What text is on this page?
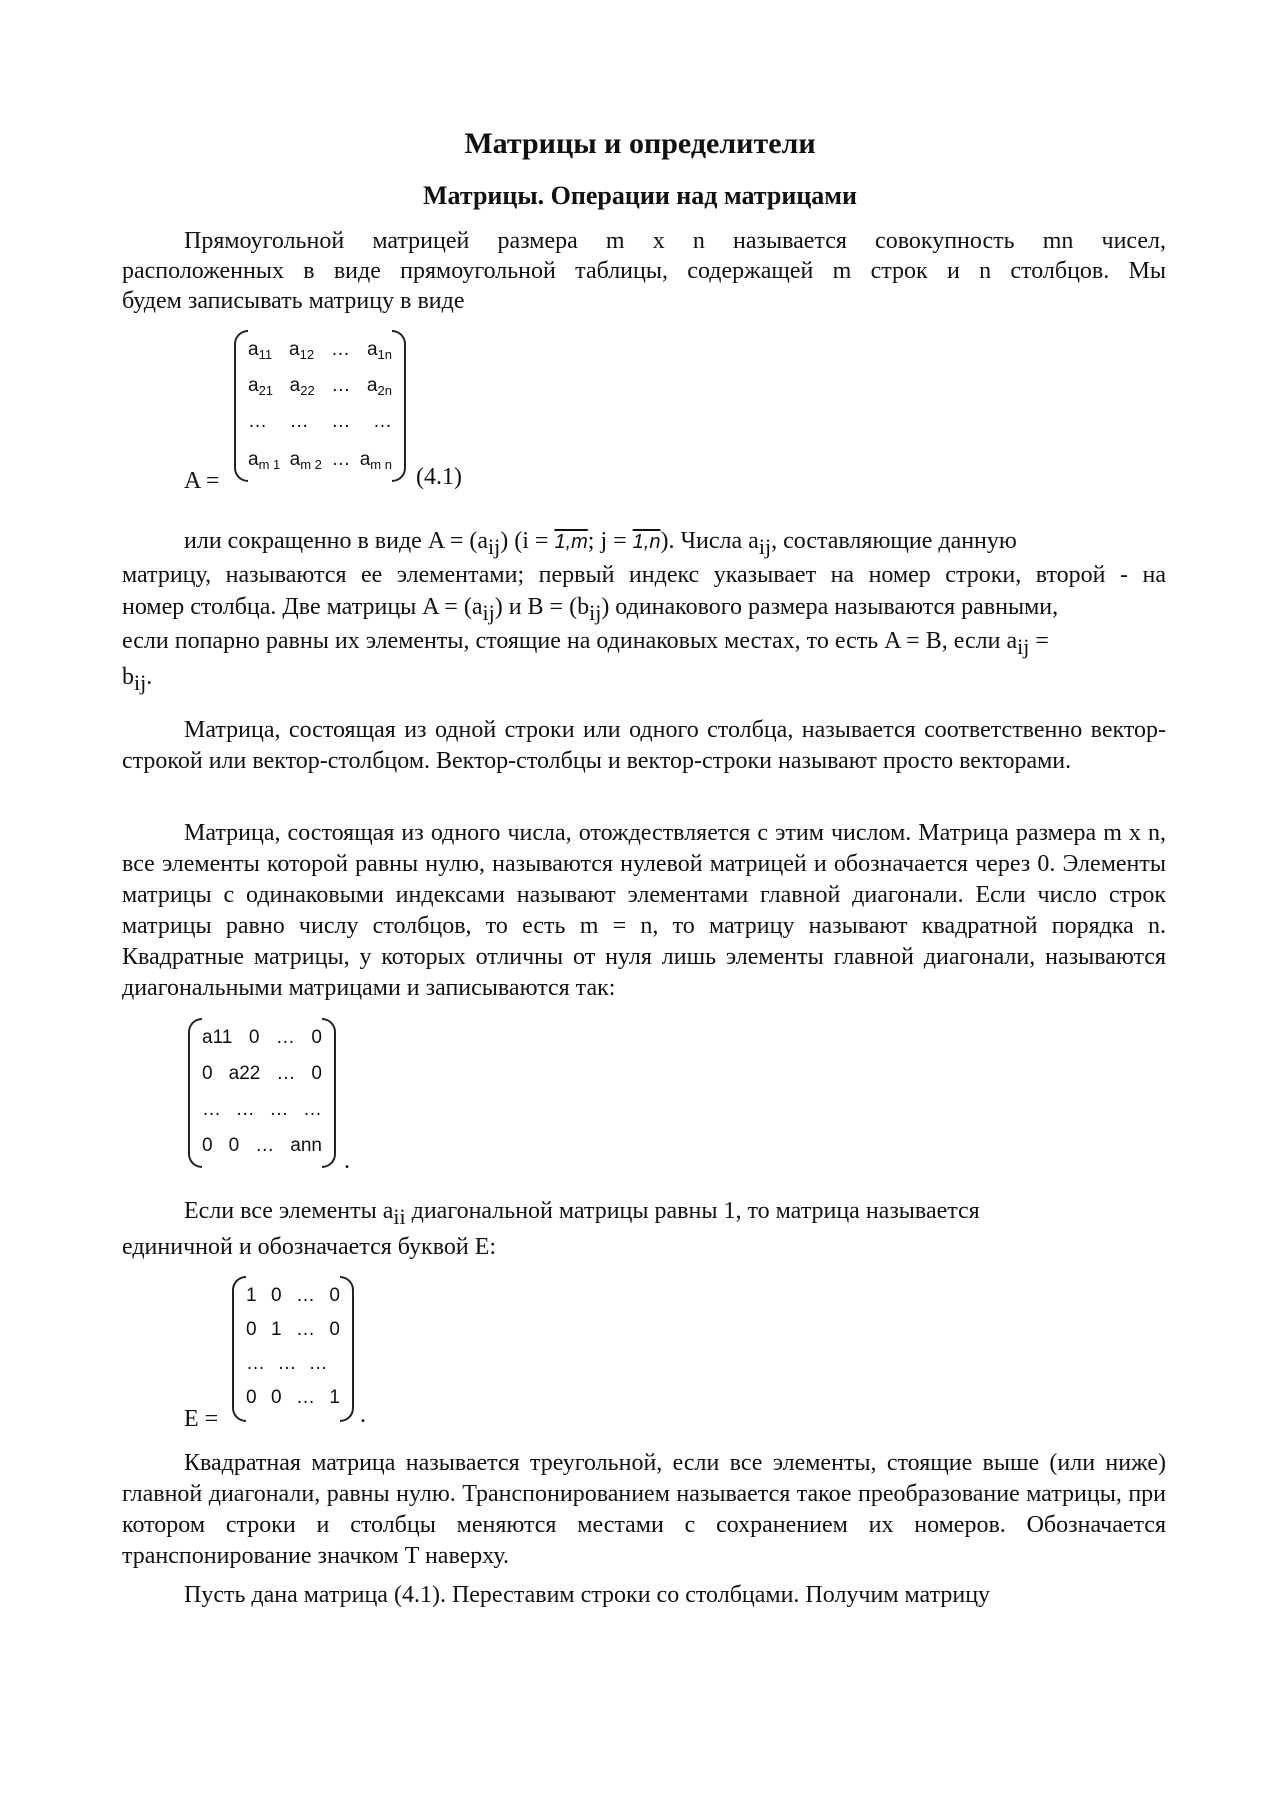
Матрицы и определители
Матрицы. Операции над матрицами
Прямоугольной матрицей размера m x n называется совокупность mn чисел,
расположенных в виде прямоугольной таблицы, содержащей m строк и n столбцов. Мы
будем записывать матрицу в виде
A =
$a_{11}$ $a_{12}$ … $a_{1n}$
$a_{21}$ $a_{22}$ … $a_{2n}$
… … … …
$a_{m 1}$ $a_{m 2}$ … $a_{m n}$ (4.1)
или сокращенно в виде $A = (a_{ij}) (i = 1,m$; j = 1,n). Числа $a_{ij}$, составляющие данную
матрицу, называются ее элементами; первый индекс указывает на номер строки, второй - на
номер столбца. Две матрицы $A = (a_{ij})$ и $B = (b_{ij})$ одинакового размера называются равными,
если попарно равны их элементы, стоящие на одинаковых местах, то есть A = B, если $a_{ij}$ =
$b_{ij}$.

Матрица, состоящая из одной строки или одного столбца, называется соответственно вектор-строкой или вектор-столбцом. Вектор-столбцы и вектор-строки называют просто векторами.

Матрица, состоящая из одного числа, отождествляется с этим числом. Матрица размера m x n, все элементы которой равны нулю, называются нулевой матрицей и обозначается через 0. Элементы матрицы с одинаковыми индексами называют элементами главной диагонали. Если число строк матрицы равно числу столбцов, то есть m = n, то матрицу называют квадратной порядка n. Квадратные матрицы, у которых отличны от нуля лишь элементы главной диагонали, называются диагональными матрицами и записываются так:

a11 0 … 0
0 a22 … 0
… … … …
0 0 … ann
.
Если все элементы $a_{ii}$ диагональной матрицы равны 1, то матрица называется
единичной и обозначается буквой E:
E =
1 0 … 0
0 1 … 0
… … …
0 0 … 1
.

Квадратная матрица называется треугольной, если все элементы, стоящие выше (или ниже) главной диагонали, равны нулю. Транспонированием называется такое преобразование матрицы, при котором строки и столбцы меняются местами с сохранением их номеров. Обозначается транспонирование значком T наверху.

Пусть дана матрица (4.1). Переставим строки со столбцами. Получим матрицу
